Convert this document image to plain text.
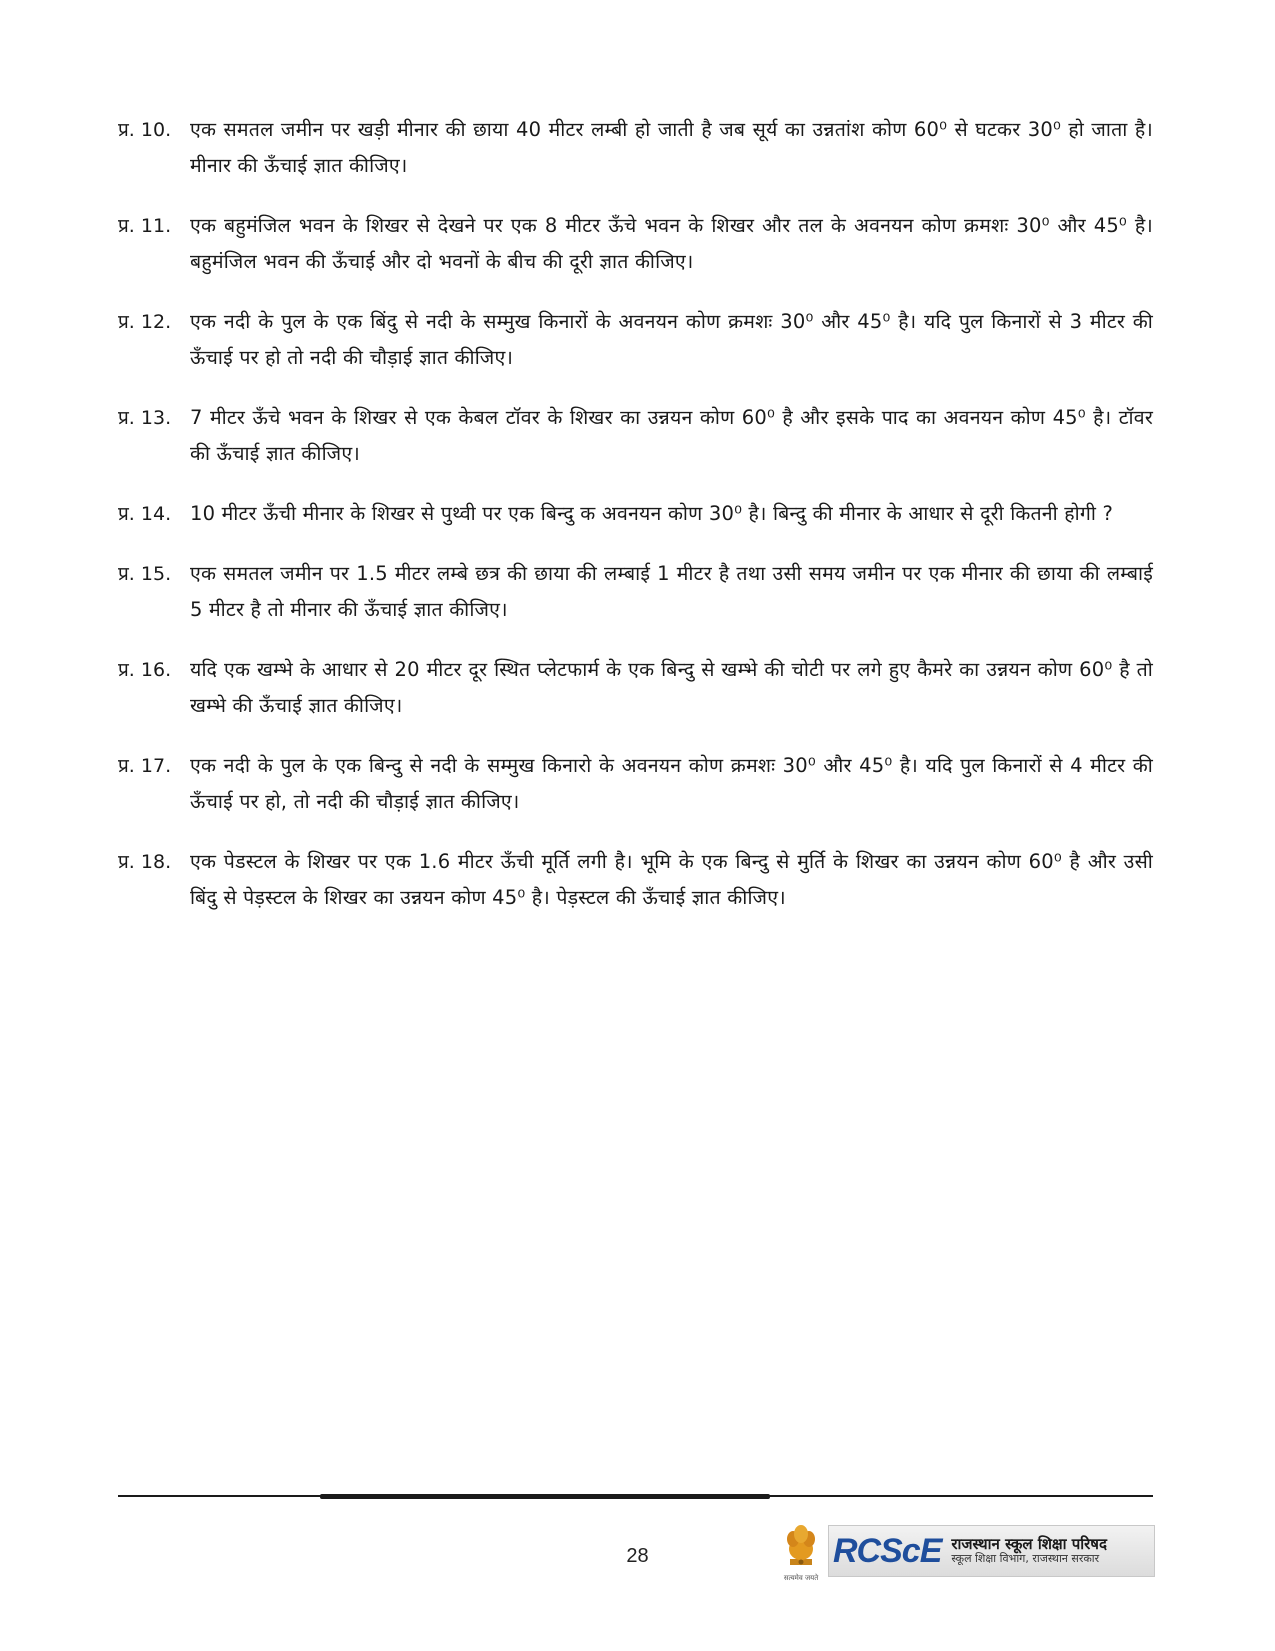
प्र. 10. एक समतल जमीन पर खड़ी मीनार की छाया 40 मीटर लम्बी हो जाती है जब सूर्य का उन्नतांश कोण 60⁰ से घटकर 30⁰ हो जाता है। मीनार की ऊँचाई ज्ञात कीजिए।
प्र. 11. एक बहुमंजिल भवन के शिखर से देखने पर एक 8 मीटर ऊँचे भवन के शिखर और तल के अवनयन कोण क्रमशः 30⁰ और 45⁰ है। बहुमंजिल भवन की ऊँचाई और दो भवनों के बीच की दूरी ज्ञात कीजिए।
प्र. 12. एक नदी के पुल के एक बिंदु से नदी के सम्मुख किनारों के अवनयन कोण क्रमशः 30⁰ और 45⁰ है। यदि पुल किनारों से 3 मीटर की ऊँचाई पर हो तो नदी की चौड़ाई ज्ञात कीजिए।
प्र. 13. 7 मीटर ऊँचे भवन के शिखर से एक केबल टॉवर के शिखर का उन्नयन कोण 60⁰ है और इसके पाद का अवनयन कोण 45⁰ है। टॉवर की ऊँचाई ज्ञात कीजिए।
प्र. 14. 10 मीटर ऊँची मीनार के शिखर से पुथ्वी पर एक बिन्दु क अवनयन कोण 30⁰ है। बिन्दु की मीनार के आधार से दूरी कितनी होगी ?
प्र. 15. एक समतल जमीन पर 1.5 मीटर लम्बे छत्र की छाया की लम्बाई 1 मीटर है तथा उसी समय जमीन पर एक मीनार की छाया की लम्बाई 5 मीटर है तो मीनार की ऊँचाई ज्ञात कीजिए।
प्र. 16. यदि एक खम्भे के आधार से 20 मीटर दूर स्थित प्लेटफार्म के एक बिन्दु से खम्भे की चोटी पर लगे हुए कैमरे का उन्नयन कोण 60⁰ है तो खम्भे की ऊँचाई ज्ञात कीजिए।
प्र. 17. एक नदी के पुल के एक बिन्दु से नदी के सम्मुख किनारो के अवनयन कोण क्रमशः 30⁰ और 45⁰ है। यदि पुल किनारों से 4 मीटर की ऊँचाई पर हो, तो नदी की चौड़ाई ज्ञात कीजिए।
प्र. 18. एक पेडस्टल के शिखर पर एक 1.6 मीटर ऊँची मूर्ति लगी है। भूमि के एक बिन्दु से मुर्ति के शिखर का उन्नयन कोण 60⁰ है और उसी बिंदु से पेड़स्टल के शिखर का उन्नयन कोण 45⁰ है। पेड़स्टल की ऊँचाई ज्ञात कीजिए।
28
सत्यमेव जयते
RCScE राजस्थान स्कूल शिक्षा परिषद
स्कूल शिक्षा विभाग, राजस्थान सरकार
